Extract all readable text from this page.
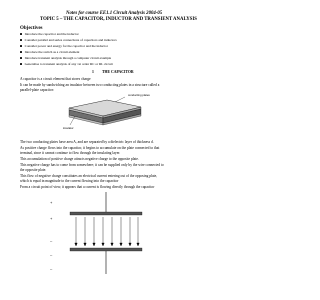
Notes for course EE1.1 Circuit Analysis 2004-05
TOPIC 5 – THE CAPACITOR, INDUCTOR AND TRANSIENT ANALYSIS
Objectives
Introduce the capacitor and the inductor
Consider parallel and series connections of capacitors and inductors
Consider power and energy for the capacitor and the inductor
Introduce the switch as a circuit element
Introduce transient analysis through a computer circuit example
Generalise to transient analysis of any 1st order RC or RL circuit
1 THE CAPACITOR
A capacitor is a circuit element that stores charge
It can be made by sandwiching an insulator between two conducting plates in a structure called a
parallel-plate capacitor:
conducting plates
insulator
The two conducting plates have area A, and are separated by a dielectric layer of thickness d.
As positive charge flows into the capacitor, it begins to accumulate on the plate connected to that
terminal, since it cannot continue to flow through the insulating layer.
This accumulation of positive charge attracts negative charge to the opposite plate.
This negative charge has to come from somewhere; it can be supplied only by the wire connected to
the opposite plate.
This flow of negative charge constitutes an electrical current entering out of the opposing plate,
which is equal in magnitude to the current flowing into the capacitor
From a circuit point of view, it appears that a current is flowing directly through the capacitor
+
+
–
–
–
